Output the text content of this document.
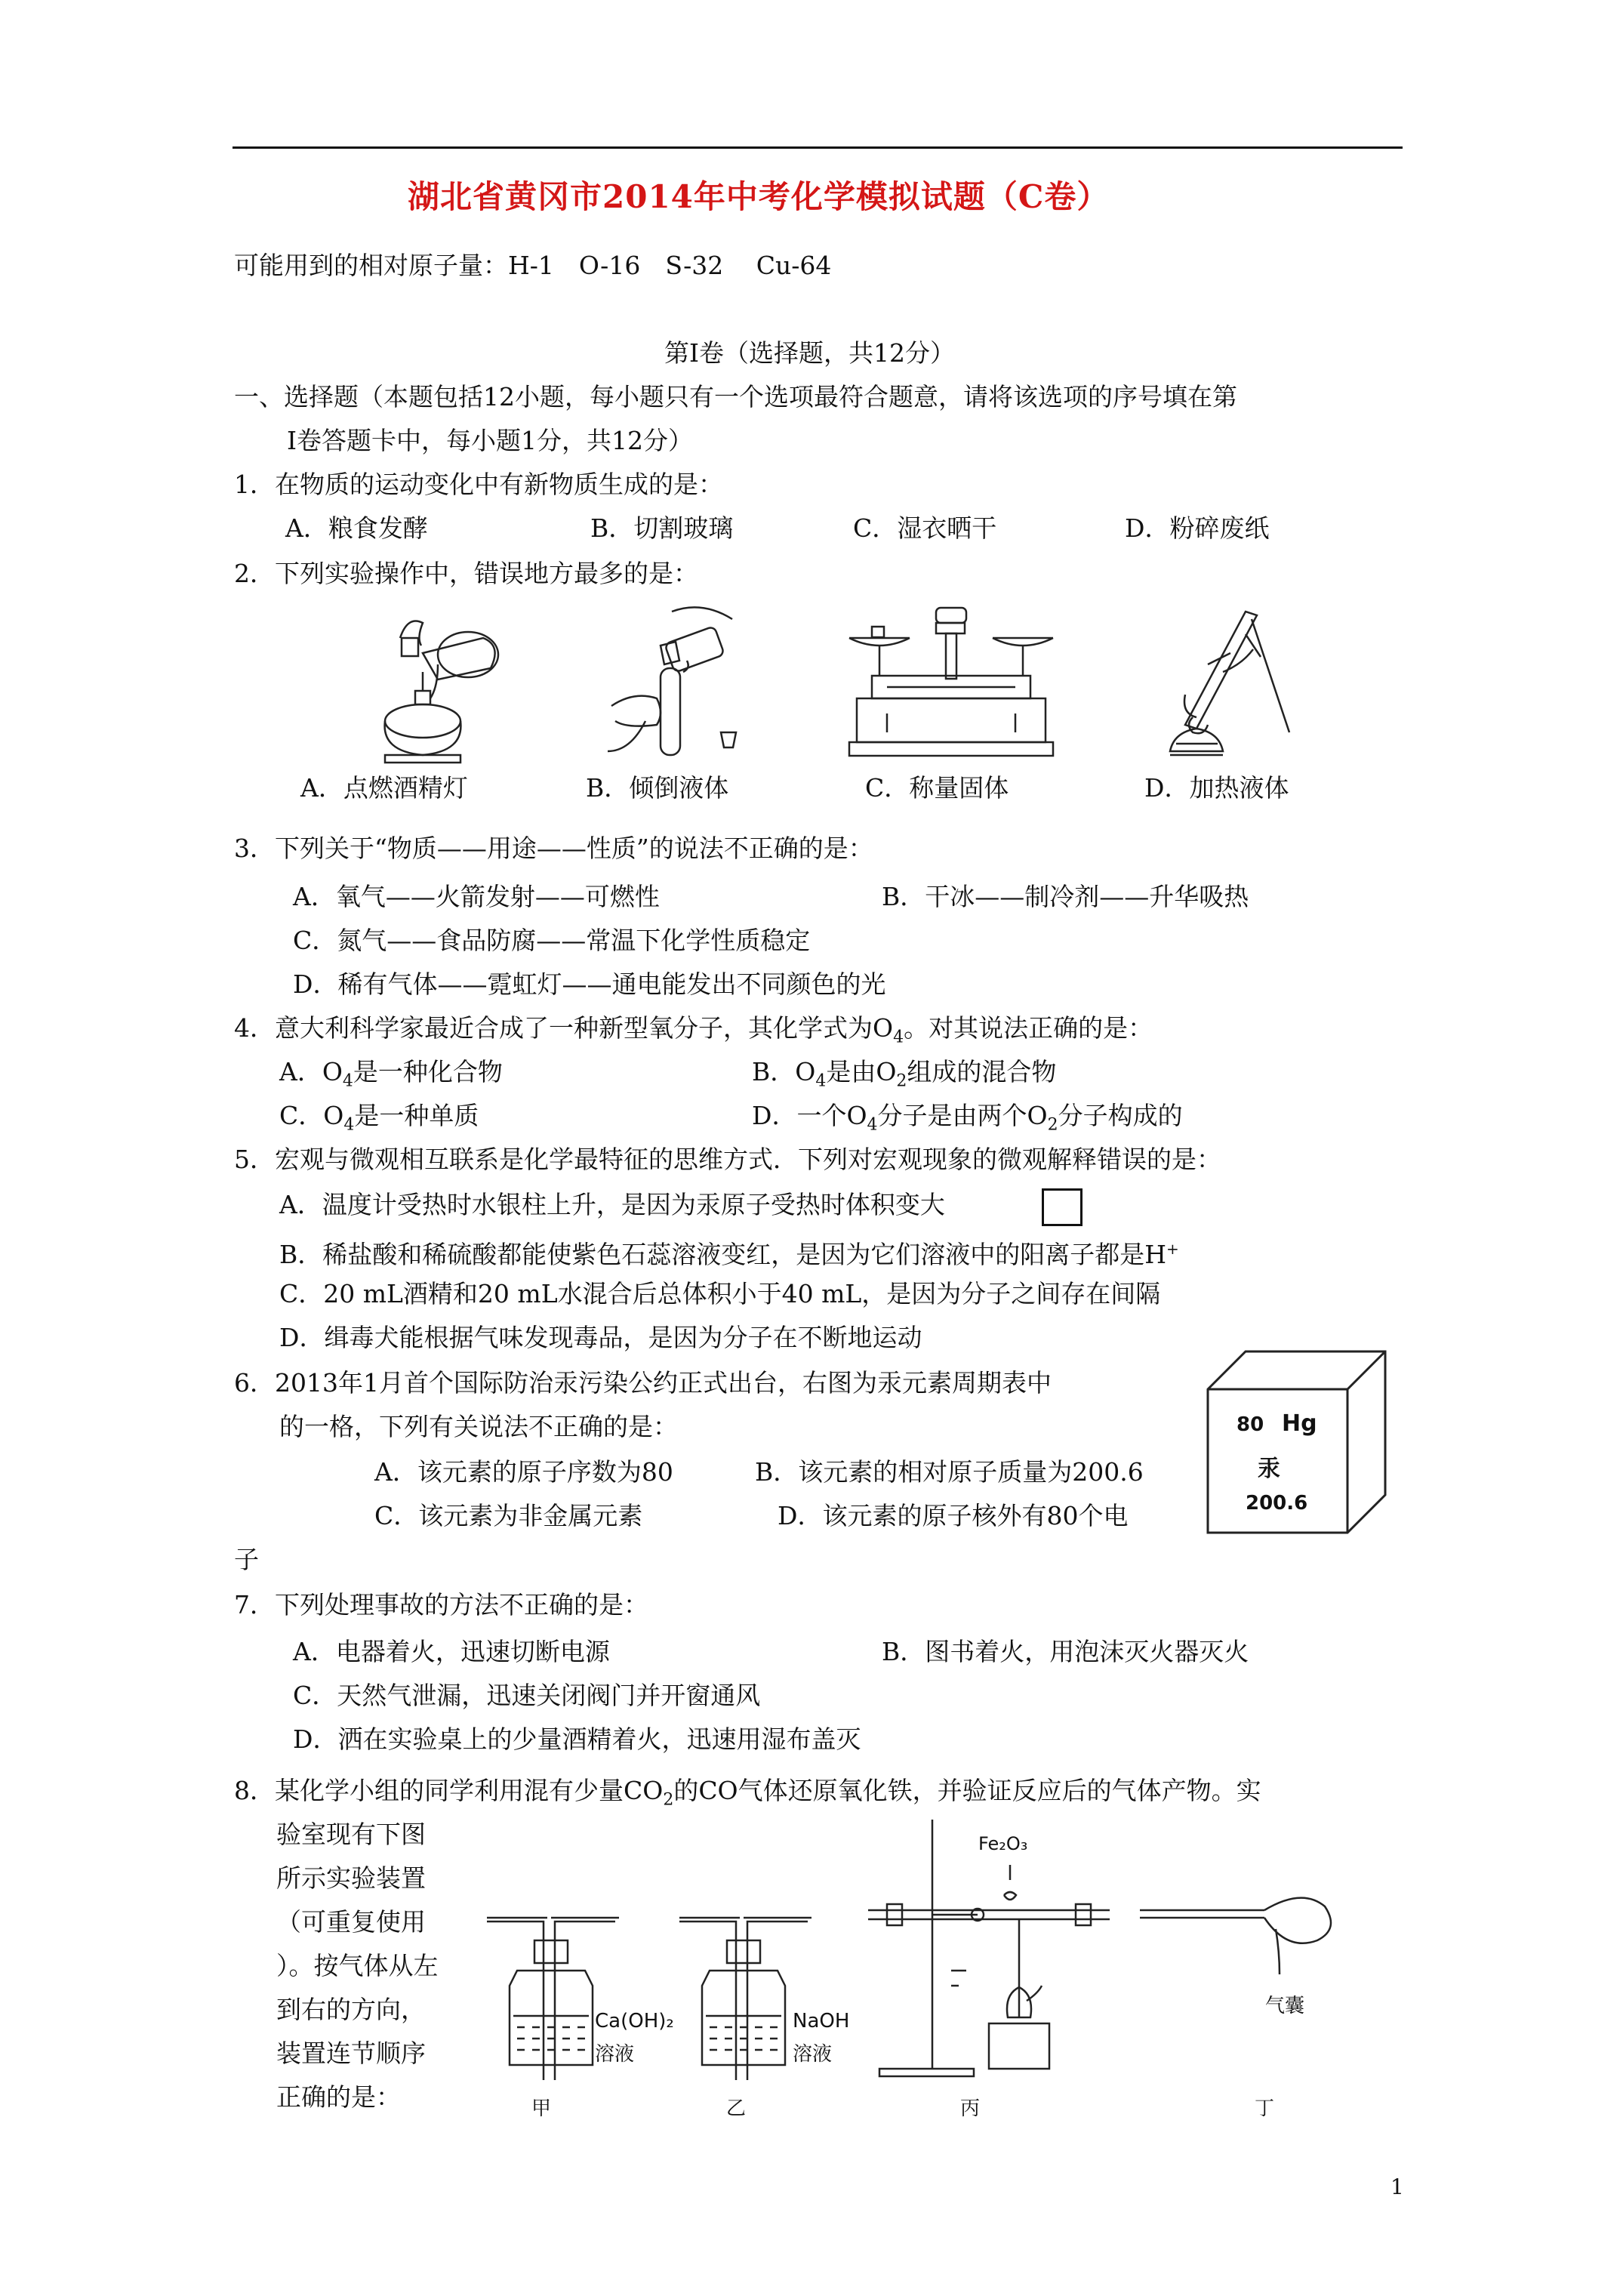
湖北省黄冈市2014年中考化学模拟试题（C卷）
可能用到的相对原子量：H-1　O-16　S-32　 Cu-64
第Ⅰ卷（选择题，共12分）
一、选择题（本题包括12小题，每小题只有一个选项最符合题意，请将该选项的序号填在第
Ⅰ卷答题卡中，每小题1分，共12分）
1．在物质的运动变化中有新物质生成的是：
A．粮食发酵	B．切割玻璃	C．湿衣晒干	D．粉碎废纸
2．下列实验操作中，错误地方最多的是：
A．点燃酒精灯	B．倾倒液体	C．称量固体	D．加热液体
3．下列关于“物质——用途——性质”的说法不正确的是：
A．氧气——火箭发射——可燃性	B．干冰——制冷剂——升华吸热
C．氮气——食品防腐——常温下化学性质稳定
D．稀有气体——霓虹灯——通电能发出不同颜色的光
4．意大利科学家最近合成了一种新型氧分子，其化学式为$O_4$。对其说法正确的是：
A．$O_4$是一种化合物	B．$O_4$是由$O_2$组成的混合物
C．$O_4$是一种单质	D．一个$O_4$分子是由两个$O_2$分子构成的
5．宏观与微观相互联系是化学最特征的思维方式．下列对宏观现象的微观解释错误的是：
A．温度计受热时水银柱上升，是因为汞原子受热时体积变大
B．稀盐酸和稀硫酸都能使紫色石蕊溶液变红，是因为它们溶液中的阳离子都是H+
C．20 mL酒精和20 mL水混合后总体积小于40 mL，是因为分子之间存在间隔
D．缉毒犬能根据气味发现毒品，是因为分子在不断地运动
6．2013年1月首个国际防治汞污染公约正式出台，右图为汞元素周期表中
的一格，下列有关说法不正确的是：
A．该元素的原子序数为80	B．该元素的相对原子质量为200.6
C．该元素为非金属元素	D．该元素的原子核外有80个电
子
80 Hg
汞
200.6
7．下列处理事故的方法不正确的是：
A．电器着火，迅速切断电源	B．图书着火，用泡沫灭火器灭火
C．天然气泄漏，迅速关闭阀门并开窗通风
D．洒在实验桌上的少量酒精着火，迅速用湿布盖灭
8．某化学小组的同学利用混有少量$CO_2$的CO气体还原氧化铁，并验证反应后的气体产物。实
验室现有下图
所示实验装置
（可重复使用
）。按气体从左
到右的方向，
装置连节顺序
正确的是：
Ca(OH)₂
溶液
NaOH
溶液
Fe₂O₃
气囊
甲	乙	丙	丁
1
